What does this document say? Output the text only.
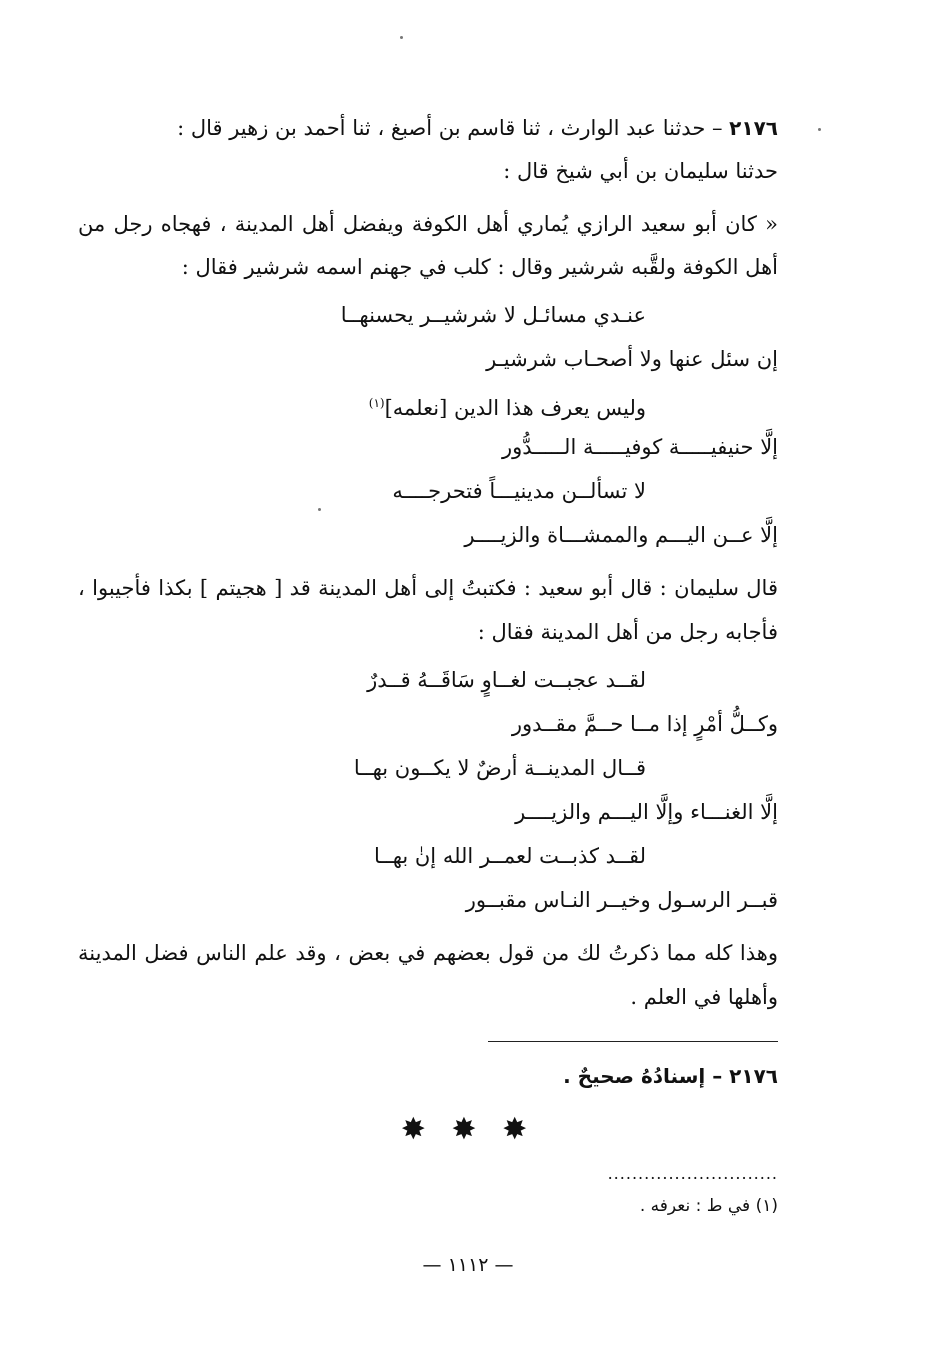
٢١٧٦ – حدثنا عبد الوارث ، ثنا قاسم بن أصبغ ، ثنا أحمد بن زهير قال :
حدثنا سليمان بن أبي شيخ قال :
« كان أبو سعيد الرازي يُماري أهل الكوفة ويفضل أهل المدينة ، فهجاه رجل من
أهل الكوفة ولقَّبه شرشير وقال : كلب في جهنم اسمه شرشير فقال :
عنـدي مسائـل لا شرشيــر يحسنهــا
إن سئل عنها ولا أصحـاب شرشيـر
وليس يعرف هذا الدين [نعلمه]$^{(١)}$
إلَّا حنيفيـــــة كوفيـــــة الـــــدُّور
لا تسألــن مدينيـــاً فتحرجــــه
إلَّا عــن اليـــم والممشـــاة والزيــــر
قال سليمان : قال أبو سعيد : فكتبتُ إلى أهل المدينة قد [ هجيتم ] بكذا فأجيبوا ،
فأجابه رجل من أهل المدينة فقال :
لقــد عجبــت لغــاوٍ سَاقَــهُ قــدرٌ
وكــلُّ أمْرٍ إذا مــا حــمَّ مقــدور
قــال المدينــة أرضٌ لا يكــون بهــا
إلَّا الغنـــاء وإلَّا اليـــم والزيــــر
لقــد كذبــت لعمــر الله إنٰ بهــا
قبــر الرسـول وخيــر النـاس مقبــور
وهذا كله مما ذكرتُ لك من قول بعضهم في بعض ، وقد علم الناس فضل المدينة
وأهلها في العلم .
٢١٧٦ – إسنادُهُ صحيحٌ .
✸ ✸ ✸
............................
(١) في ط : نعرفه .
— ١١١٢ —
